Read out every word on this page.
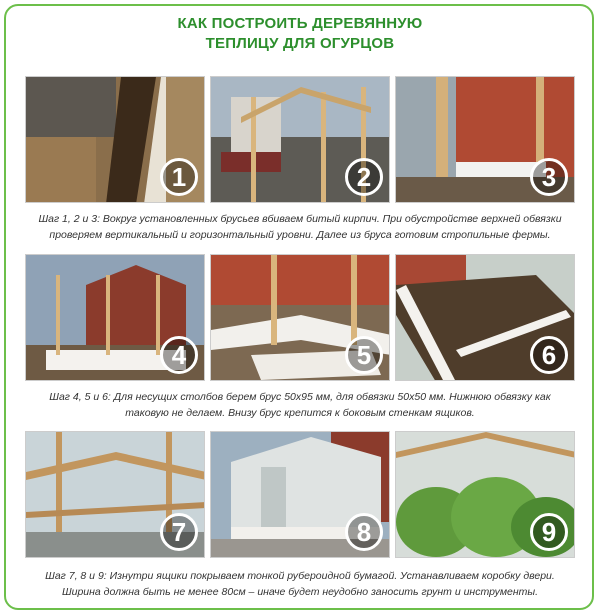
КАК ПОСТРОИТЬ ДЕРЕВЯННУЮ
ТЕПЛИЦУ ДЛЯ ОГУРЦОВ
1	2	3
Шаг 1, 2 и 3: Вокруг установленных брусьев вбиваем битый кирпич. При обустройстве верхней обвязки
проверяем вертикальный и горизонтальный уровни. Далее из бруса готовим стропильные фермы.
4	5	6
Шаг 4, 5 и 6: Для несущих столбов берем брус 50x95 мм, для обвязки 50x50 мм. Нижнюю обвязку как
таковую не делаем. Внизу брус крепится к боковым стенкам ящиков.
7	8	9
Шаг 7, 8 и 9: Изнутри ящики покрываем тонкой рубероидной бумагой. Устанавливаем коробку двери.
Ширина должна быть не менее 80см – иначе будет неудобно заносить грунт и инструменты.
